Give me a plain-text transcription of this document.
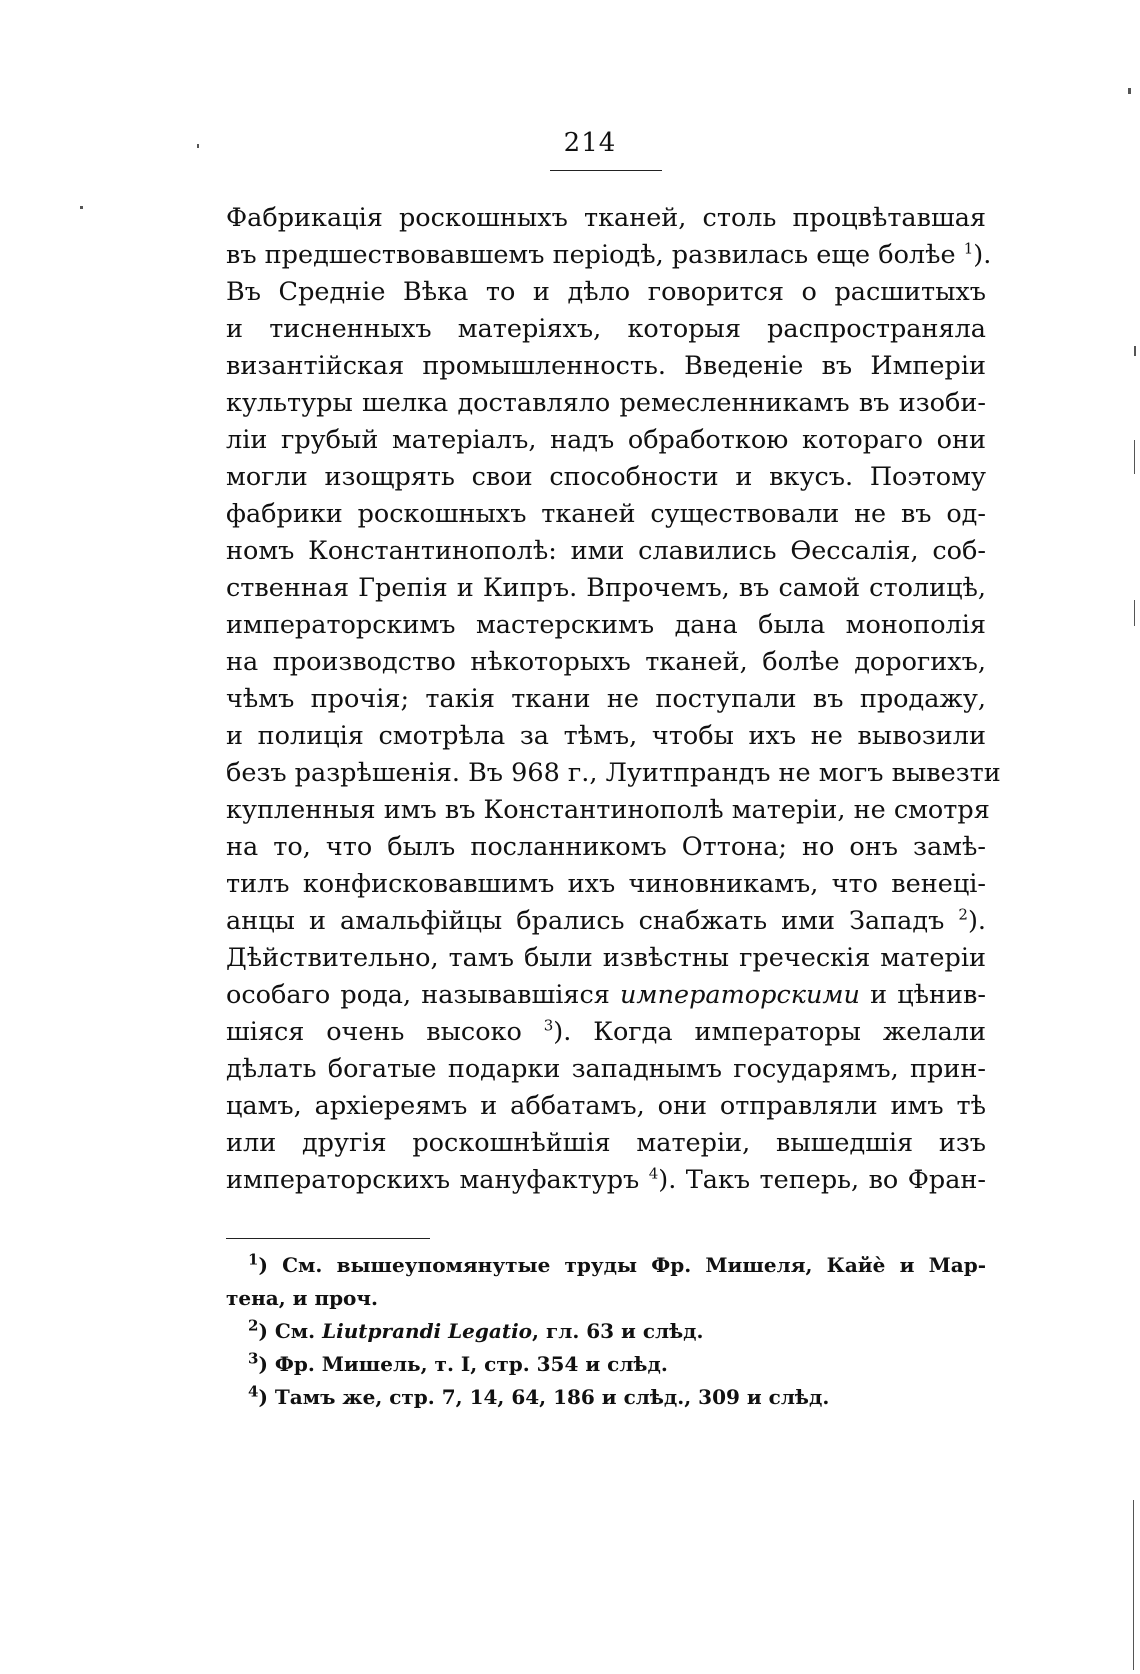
214
Фабрикація роскошныхъ тканей, столь процвѣтавшая
въ предшествовавшемъ періодѣ, развилась еще болѣе $^1$).
Въ Средніе Вѣка то и дѣло говорится о расшитыхъ
и тисненныхъ матеріяхъ, которыя распространяла
византійская промышленность. Введеніе въ Имперіи
культуры шелка доставляло ремесленникамъ въ изоби-
ліи грубый матеріалъ, надъ обработкою котораго они
могли изощрять свои способности и вкусъ. Поэтому
фабрики роскошныхъ тканей существовали не въ од-
номъ Константинополѣ: ими славились Ѳессалія, соб-
ственная Грепія и Кипръ. Впрочемъ, въ самой столицѣ,
императорскимъ мастерскимъ дана была монополія
на производство нѣкоторыхъ тканей, болѣе дорогихъ,
чѣмъ прочія; такія ткани не поступали въ продажу,
и полиція смотрѣла за тѣмъ, чтобы ихъ не вывозили
безъ разрѣшенія. Въ 968 г., Луитпрандъ не могъ вывезти
купленныя имъ въ Константинополѣ матеріи, не смотря
на то, что былъ посланникомъ Оттона; но онъ замѣ-
тилъ конфисковавшимъ ихъ чиновникамъ, что венеці-
анцы и амальфійцы брались снабжать ими Западъ $^2$).
Дѣйствительно, тамъ были извѣстны греческія матеріи
особаго рода, называвшіяся императорскими и цѣнив-
шіяся очень высоко $^3$). Когда императоры желали
дѣлать богатые подарки западнымъ государямъ, прин-
цамъ, архіереямъ и аббатамъ, они отправляли имъ тѣ
или другія роскошнѣйшія матеріи, вышедшія изъ
императорскихъ мануфактуръ $^4$). Такъ теперь, во Фран-
$^1$) См. вышеупомянутые труды Фр. Мишеля, Кайѐ и Мар-
тена, и проч.
$^2$) См. Liutprandi Legatio, гл. 63 и слѣд.
$^3$) Фр. Мишель, т. I, стр. 354 и слѣд.
$^4$) Тамъ же, стр. 7, 14, 64, 186 и слѣд., 309 и слѣд.
